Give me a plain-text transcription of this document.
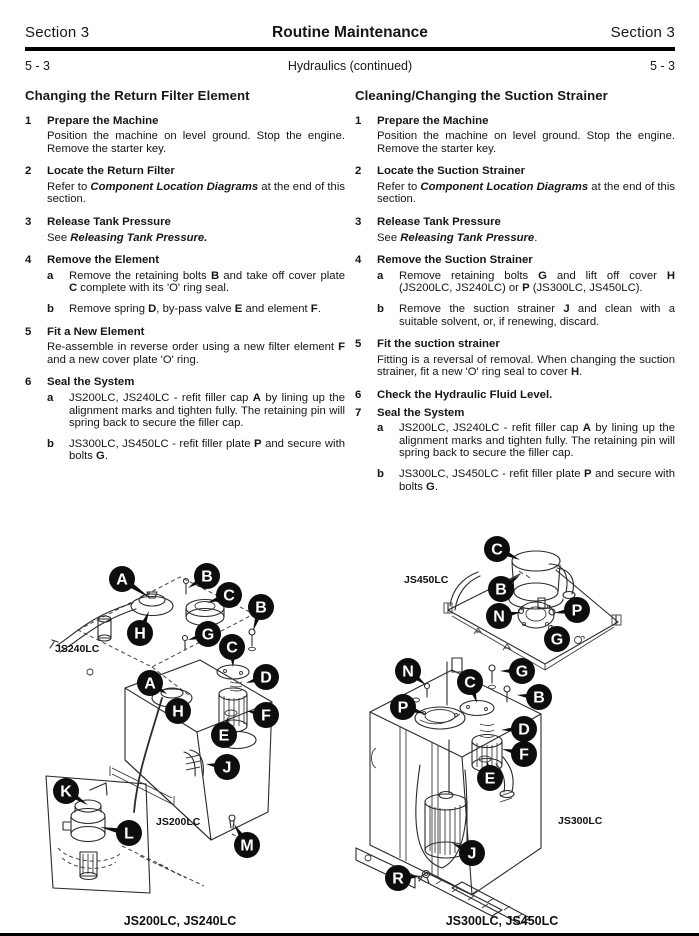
Section 3	Routine Maintenance	Section 3
5 - 3	Hydraulics (continued)	5 - 3
Changing the Return Filter Element
1	Prepare the Machine
Position the machine on level ground. Stop the engine. Remove the starter key.
2	Locate the Return Filter
Refer to Component Location Diagrams at the end of this section.
3	Release Tank Pressure
See Releasing Tank Pressure.
4	Remove the Element
a	Remove the retaining bolts B and take off cover plate C complete with its 'O' ring seal.
b	Remove spring D, by-pass valve E and element F.
5	Fit a New Element
Re-assemble in reverse order using a new filter element F and a new cover plate 'O' ring.
6	Seal the System
a	JS200LC, JS240LC - refit filler cap A by lining up the alignment marks and tighten fully. The retaining pin will spring back to secure the filler cap.
b	JS300LC, JS450LC - refit filler plate P and secure with bolts G.
Cleaning/Changing the Suction Strainer
1	Prepare the Machine
Position the machine on level ground. Stop the engine. Remove the starter key.
2	Locate the Suction Strainer
Refer to Component Location Diagrams at the end of this section.
3	Release Tank Pressure
See Releasing Tank Pressure.
4	Remove the Suction Strainer
a	Remove retaining bolts G and lift off cover H (JS200LC, JS240LC) or P (JS300LC, JS450LC).
b	Remove the suction strainer J and clean with a suitable solvent, or, if renewing, discard.
5	Fit the suction strainer
Fitting is a reversal of removal. When changing the suction strainer, fit a new 'O' ring seal to cover H.
6	Check the Hydraulic Fluid Level.
7	Seal the System
a	JS200LC, JS240LC - refit filler cap A by lining up the alignment marks and tighten fully. The retaining pin will spring back to secure the filler cap.
b	JS300LC, JS450LC - refit filler plate P and secure with bolts G.
JS240LC
JS200LC
A	B
C
H
B
G
C
A	D
H	F
E
J
K
L
M
JS450LC
JS300LC
C
B
N	P
G
N	G
C
B
P
D
F
E
J
R
JS200LC, JS240LC	JS300LC, JS450LC
